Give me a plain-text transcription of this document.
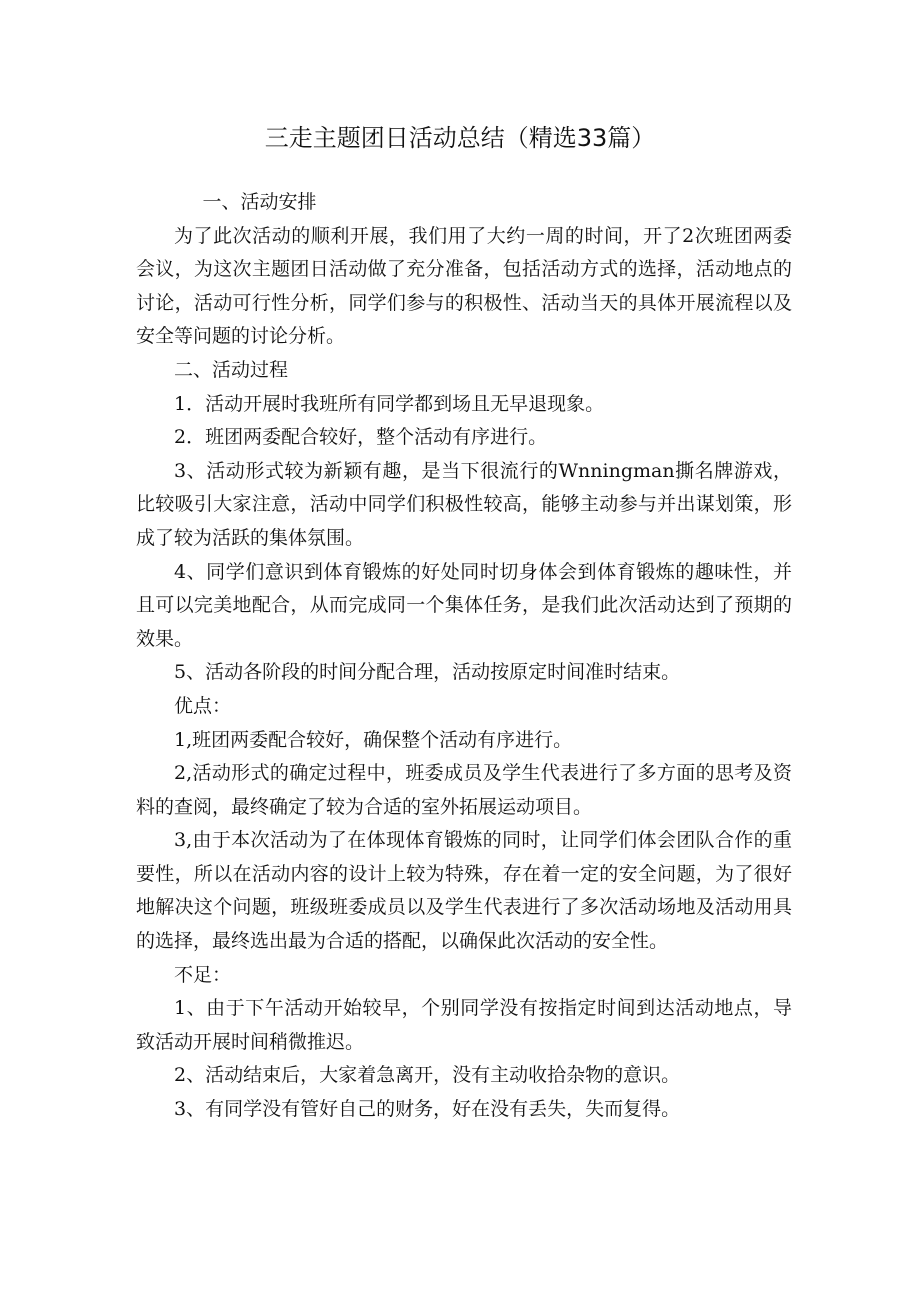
三走主题团日活动总结（精选33篇）

一、活动安排

为了此次活动的顺利开展，我们用了大约一周的时间，开了2次班团两委会议，为这次主题团日活动做了充分准备，包括活动方式的选择，活动地点的讨论，活动可行性分析，同学们参与的积极性、活动当天的具体开展流程以及安全等问题的讨论分析。

二、活动过程

1．活动开展时我班所有同学都到场且无早退现象。

2．班团两委配合较好，整个活动有序进行。

3、活动形式较为新颖有趣，是当下很流行的Wnningman撕名牌游戏，比较吸引大家注意，活动中同学们积极性较高，能够主动参与并出谋划策，形成了较为活跃的集体氛围。

4、同学们意识到体育锻炼的好处同时切身体会到体育锻炼的趣味性，并且可以完美地配合，从而完成同一个集体任务，是我们此次活动达到了预期的效果。

5、活动各阶段的时间分配合理，活动按原定时间准时结束。

优点：

1,班团两委配合较好，确保整个活动有序进行。

2,活动形式的确定过程中，班委成员及学生代表进行了多方面的思考及资料的查阅，最终确定了较为合适的室外拓展运动项目。

3,由于本次活动为了在体现体育锻炼的同时，让同学们体会团队合作的重要性，所以在活动内容的设计上较为特殊，存在着一定的安全问题，为了很好地解决这个问题，班级班委成员以及学生代表进行了多次活动场地及活动用具的选择，最终选出最为合适的搭配，以确保此次活动的安全性。

不足：

1、由于下午活动开始较早，个别同学没有按指定时间到达活动地点，导致活动开展时间稍微推迟。

2、活动结束后，大家着急离开，没有主动收拾杂物的意识。

3、有同学没有管好自己的财务，好在没有丢失，失而复得。
